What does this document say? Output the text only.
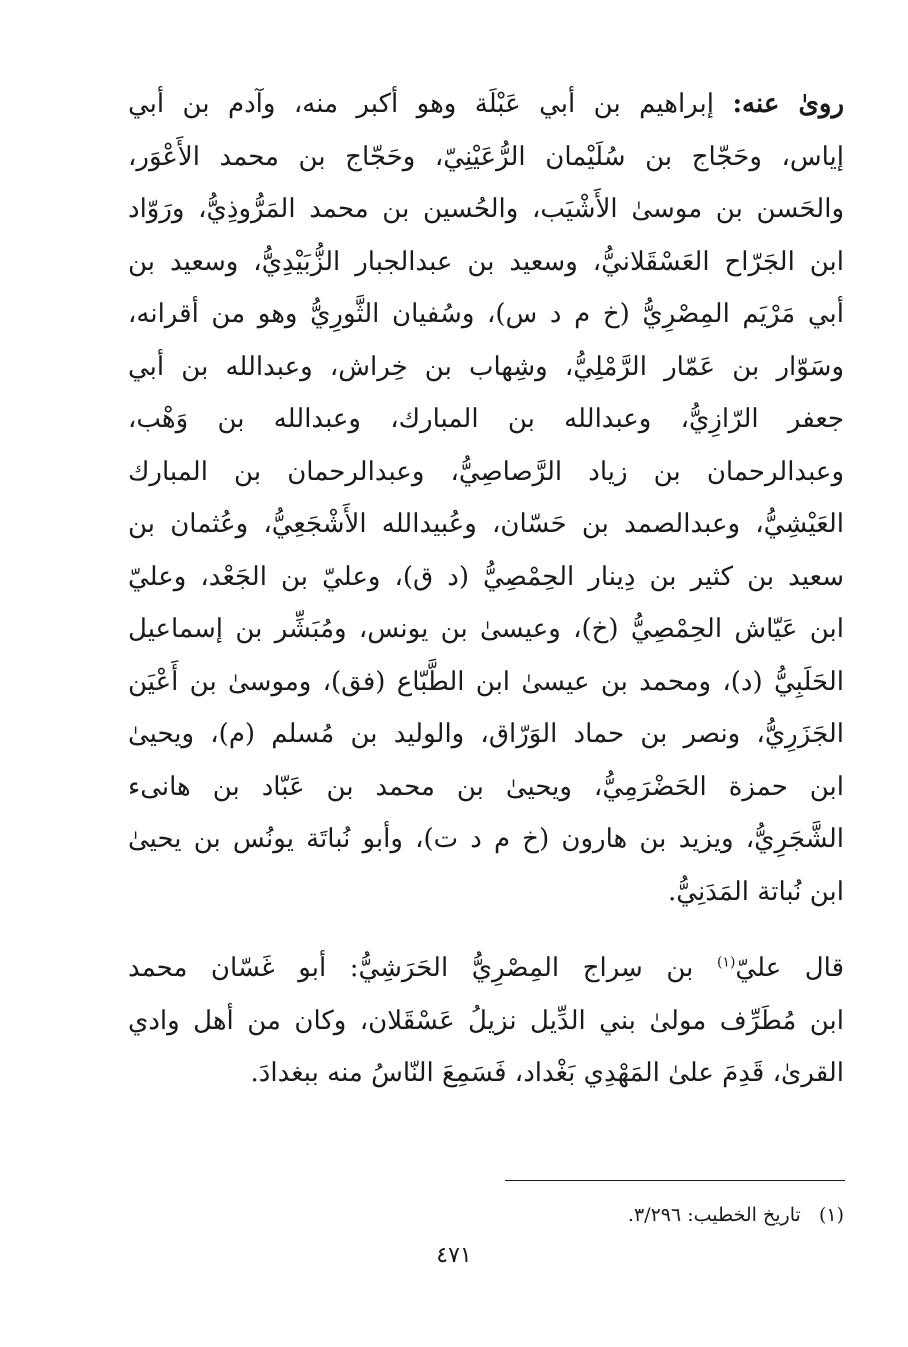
روىٰ عنه: إبراهيم بن أبي عَبْلَة وهو أكبر منه، وآدم بن أبي
إياس، وحَجّاج بن سُلَيْمان الرُّعَيْنِيّ، وحَجّاج بن محمد الأَعْوَر،
والحَسن بن موسىٰ الأَشْيَب، والحُسين بن محمد المَرُّوذِيُّ، ورَوّاد
ابن الجَرّاح العَسْقَلانيُّ، وسعيد بن عبدالجبار الزُّبَيْدِيُّ، وسعيد بن
أبي مَرْيَم المِصْرِيُّ (خ م د س)، وسُفيان الثَّورِيُّ وهو من أقرانه،
وسَوّار بن عَمّار الرَّمْلِيُّ، وشِهاب بن خِراش، وعبدالله بن أبي
جعفر الرّازِيُّ، وعبدالله بن المبارك، وعبدالله بن وَهْب،
وعبدالرحمان بن زياد الرَّصاصِيُّ، وعبدالرحمان بن المبارك
العَيْشِيُّ، وعبدالصمد بن حَسّان، وعُبيدالله الأَشْجَعِيُّ، وعُثمان بن
سعيد بن كثير بن دِينار الحِمْصِيُّ (د ق)، وعليّ بن الجَعْد، وعليّ
ابن عَيّاش الحِمْصِيُّ (خ)، وعيسىٰ بن يونس، ومُبَشِّر بن إسماعيل
الحَلَبِيُّ (د)، ومحمد بن عيسىٰ ابن الطَّبّاع (فق)، وموسىٰ بن أَعْيَن
الجَزَرِيُّ، ونصر بن حماد الوَرّاق، والوليد بن مُسلم (م)، ويحيىٰ
ابن حمزة الحَضْرَمِيُّ، ويحيىٰ بن محمد بن عَبّاد بن هانىء
الشَّجَرِيُّ، ويزيد بن هارون (خ م د ت)، وأبو نُباتَة يونُس بن يحيىٰ
ابن نُباتة المَدَنِيُّ.
قال عليّ$^{(١)}$ بن سِراج المِصْرِيُّ الحَرَشِيُّ: أبو غَسّان محمد
ابن مُطَرِّف مولىٰ بني الدِّيل نزيلُ عَسْقَلان، وكان من أهل وادي
القرىٰ، قَدِمَ علىٰ المَهْدِي بَغْداد، فَسَمِعَ النّاسُ منه ببغدادَ.
(١)   تاريخ الخطيب: ٣/٢٩٦.
٤٧١
